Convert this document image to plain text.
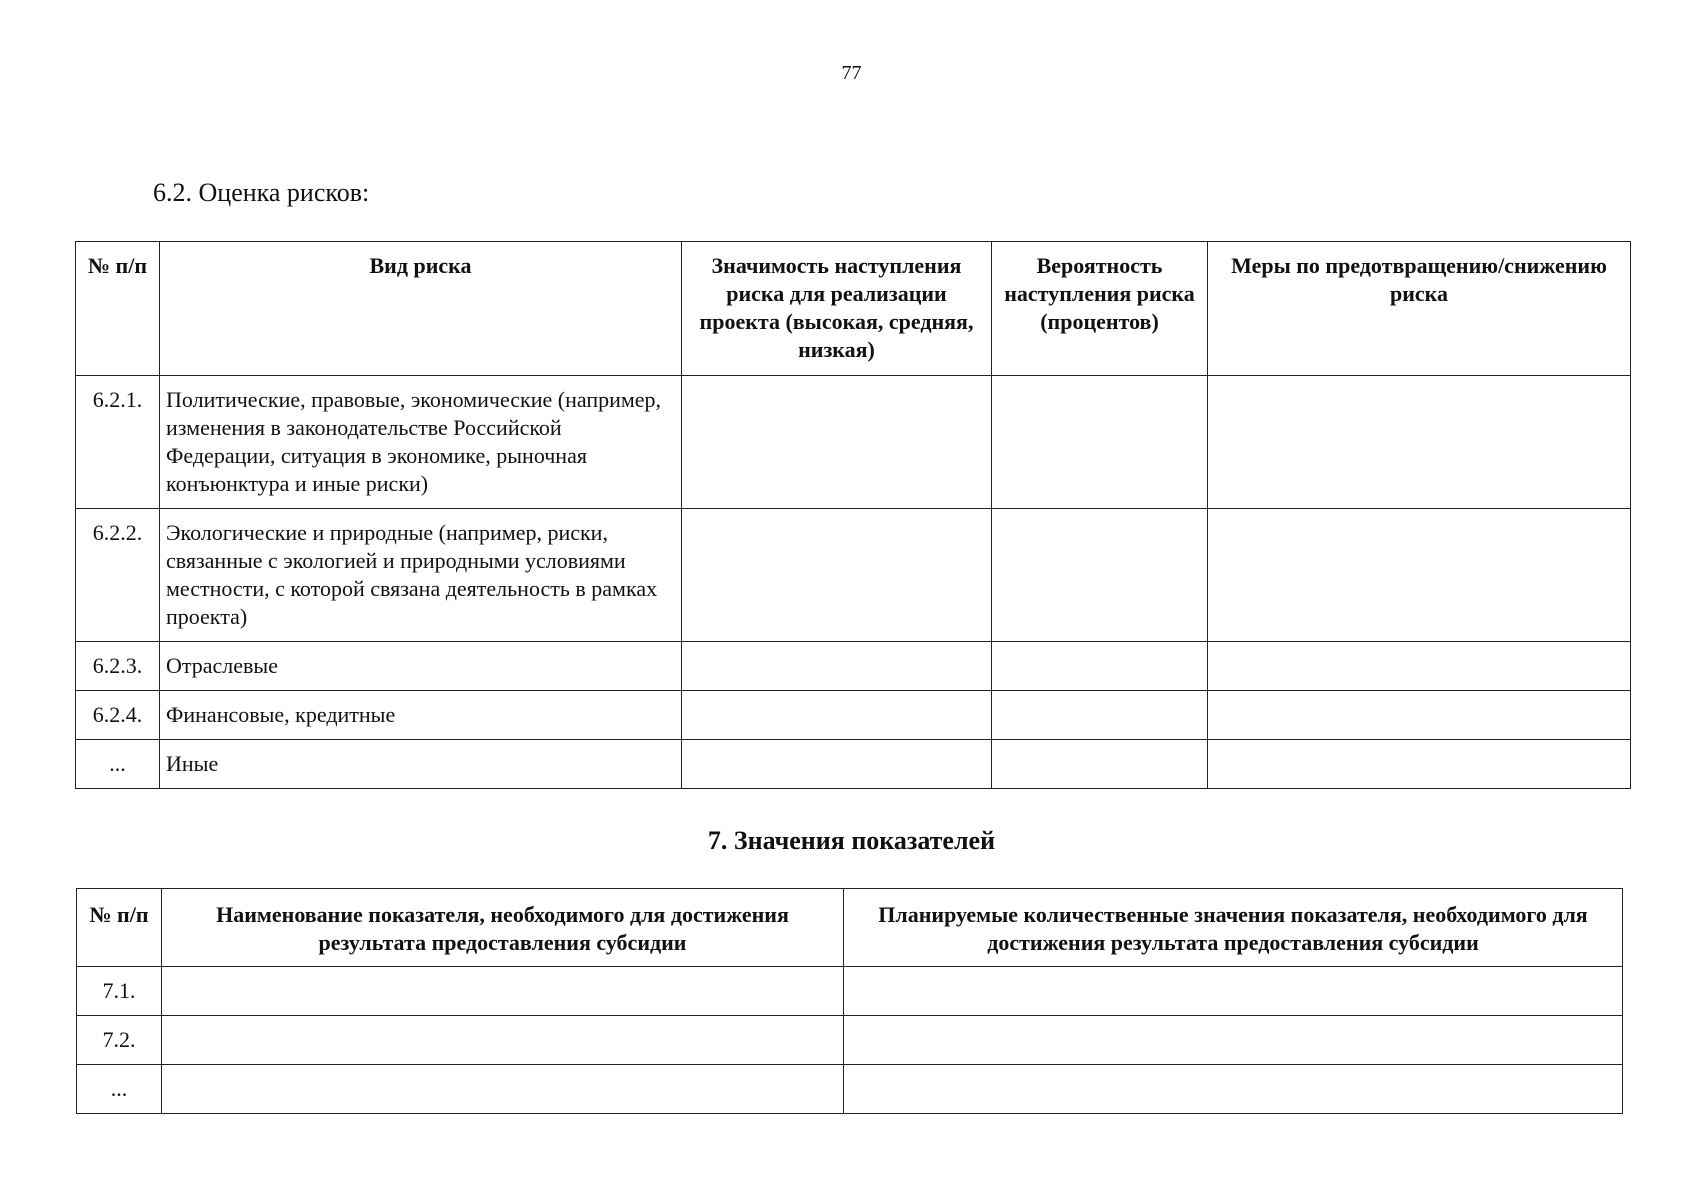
77
6.2. Оценка рисков:
№ п/п	Вид риска	Значимость наступления риска для реализации проекта (высокая, средняя, низкая)	Вероятность наступления риска (процентов)	Меры по предотвращению/снижению риска
6.2.1.	Политические, правовые, экономические (например, изменения в законодательстве Российской Федерации, ситуация в экономике, рыночная конъюнктура и иные риски)			
6.2.2.	Экологические и природные (например, риски, связанные с экологией и природными условиями местности, с которой связана деятельность в рамках проекта)			
6.2.3.	Отраслевые			
6.2.4.	Финансовые, кредитные			
...	Иные			
7. Значения показателей
№ п/п	Наименование показателя, необходимого для достижения результата предоставления субсидии	Планируемые количественные значения показателя, необходимого для достижения результата предоставления субсидии
7.1.		
7.2.		
...		
